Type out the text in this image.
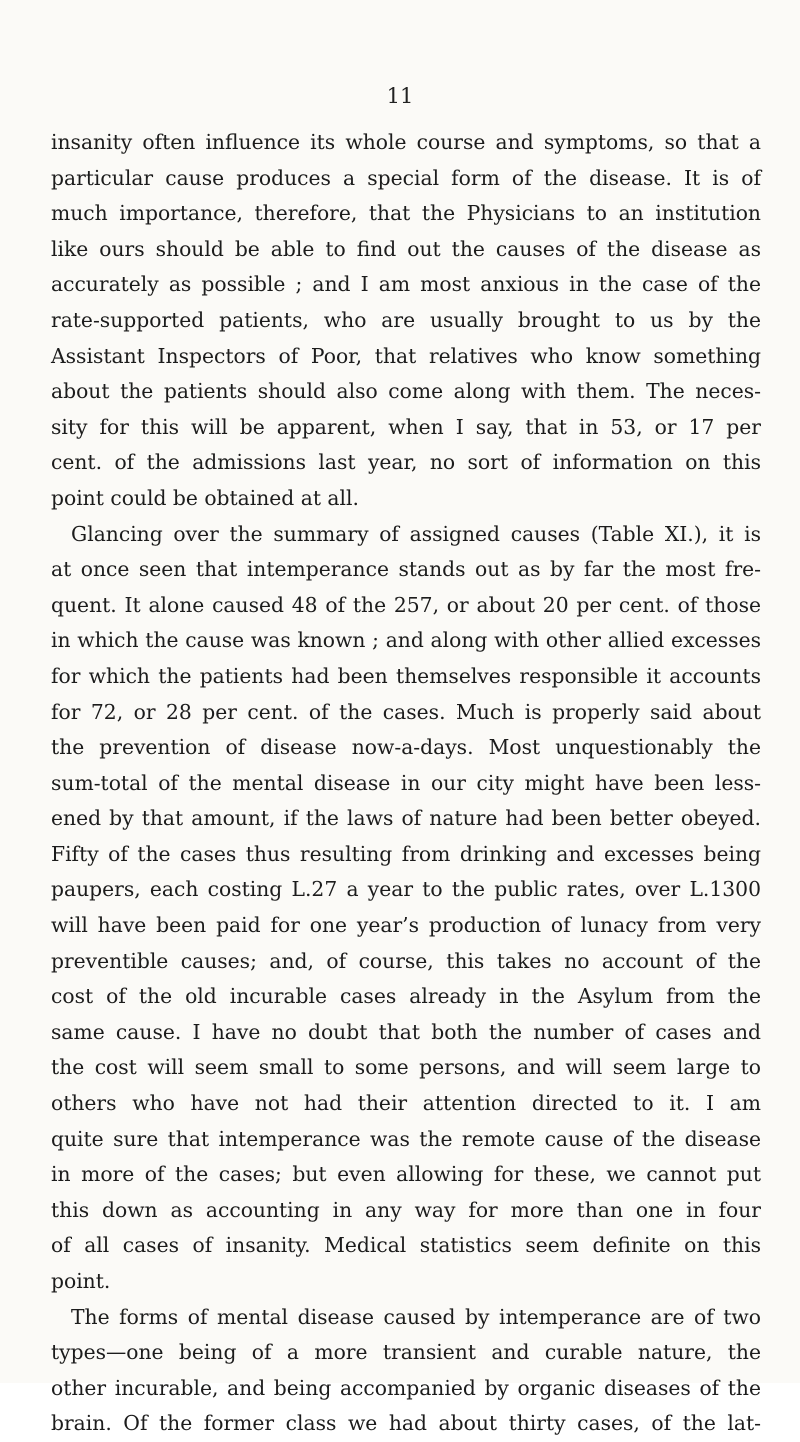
11
insanity often influence its whole course and symptoms, so that a
particular cause produces a special form of the disease. It is of
much importance, therefore, that the Physicians to an institution
like ours should be able to find out the causes of the disease as
accurately as possible ; and I am most anxious in the case of the
rate-supported patients, who are usually brought to us by the
Assistant Inspectors of Poor, that relatives who know something
about the patients should also come along with them. The neces-
sity for this will be apparent, when I say, that in 53, or 17 per
cent. of the admissions last year, no sort of information on this
point could be obtained at all.
Glancing over the summary of assigned causes (Table XI.), it is
at once seen that intemperance stands out as by far the most fre-
quent. It alone caused 48 of the 257, or about 20 per cent. of those
in which the cause was known ; and along with other allied excesses
for which the patients had been themselves responsible it accounts
for 72, or 28 per cent. of the cases. Much is properly said about
the prevention of disease now-a-days. Most unquestionably the
sum-total of the mental disease in our city might have been less-
ened by that amount, if the laws of nature had been better obeyed.
Fifty of the cases thus resulting from drinking and excesses being
paupers, each costing L.27 a year to the public rates, over L.1300
will have been paid for one year’s production of lunacy from very
preventible causes; and, of course, this takes no account of the
cost of the old incurable cases already in the Asylum from the
same cause. I have no doubt that both the number of cases and
the cost will seem small to some persons, and will seem large to
others who have not had their attention directed to it. I am
quite sure that intemperance was the remote cause of the disease
in more of the cases; but even allowing for these, we cannot put
this down as accounting in any way for more than one in four
of all cases of insanity. Medical statistics seem definite on this
point.
The forms of mental disease caused by intemperance are of two
types—one being of a more transient and curable nature, the
other incurable, and being accompanied by organic diseases of the
brain. Of the former class we had about thirty cases, of the lat-
